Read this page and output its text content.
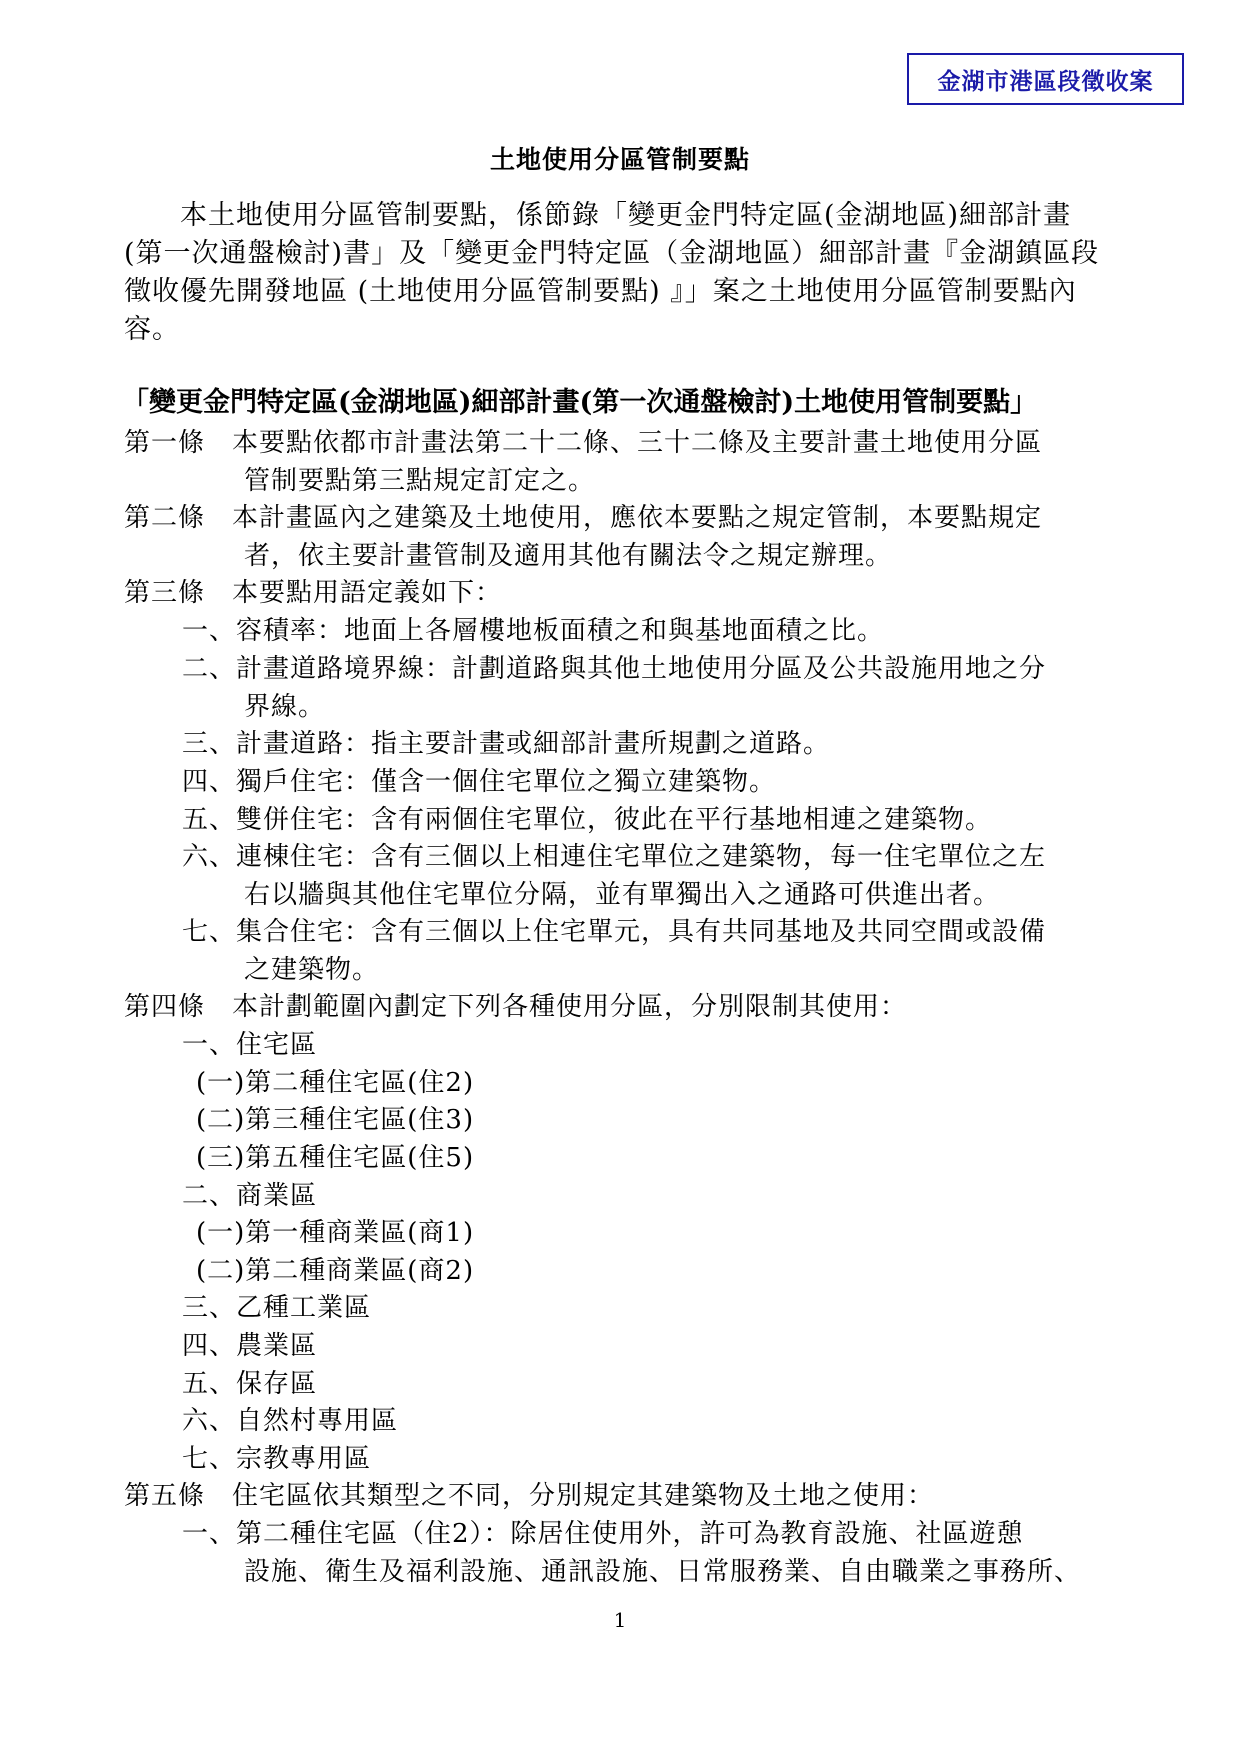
金湖市港區段徵收案
土地使用分區管制要點

本土地使用分區管制要點，係節錄「變更金門特定區(金湖地區)細部計畫(第一次通盤檢討)書」及「變更金門特定區（金湖地區）細部計畫『金湖鎮區段徵收優先開發地區 (土地使用分區管制要點) 』」案之土地使用分區管制要點內容。

「變更金門特定區(金湖地區)細部計畫(第一次通盤檢討)土地使用管制要點」
第一條　本要點依都市計畫法第二十二條、三十二條及主要計畫土地使用分區
管制要點第三點規定訂定之。
第二條　本計畫區內之建築及土地使用，應依本要點之規定管制，本要點規定
者，依主要計畫管制及適用其他有關法令之規定辦理。
第三條　本要點用語定義如下：
一、容積率：地面上各層樓地板面積之和與基地面積之比。
二、計畫道路境界線：計劃道路與其他土地使用分區及公共設施用地之分
界線。
三、計畫道路：指主要計畫或細部計畫所規劃之道路。
四、獨戶住宅：僅含一個住宅單位之獨立建築物。
五、雙併住宅：含有兩個住宅單位，彼此在平行基地相連之建築物。
六、連棟住宅：含有三個以上相連住宅單位之建築物，每一住宅單位之左
右以牆與其他住宅單位分隔，並有單獨出入之通路可供進出者。
七、集合住宅：含有三個以上住宅單元，具有共同基地及共同空間或設備
之建築物。
第四條　本計劃範圍內劃定下列各種使用分區，分別限制其使用：
一、住宅區
(一)第二種住宅區(住2)
(二)第三種住宅區(住3)
(三)第五種住宅區(住5)
二、商業區
(一)第一種商業區(商1)
(二)第二種商業區(商2)
三、乙種工業區
四、農業區
五、保存區
六、自然村專用區
七、宗教專用區
第五條　住宅區依其類型之不同，分別規定其建築物及土地之使用：
一、第二種住宅區（住2）：除居住使用外，許可為教育設施、社區遊憩
設施、衛生及福利設施、通訊設施、日常服務業、自由職業之事務所、
1
